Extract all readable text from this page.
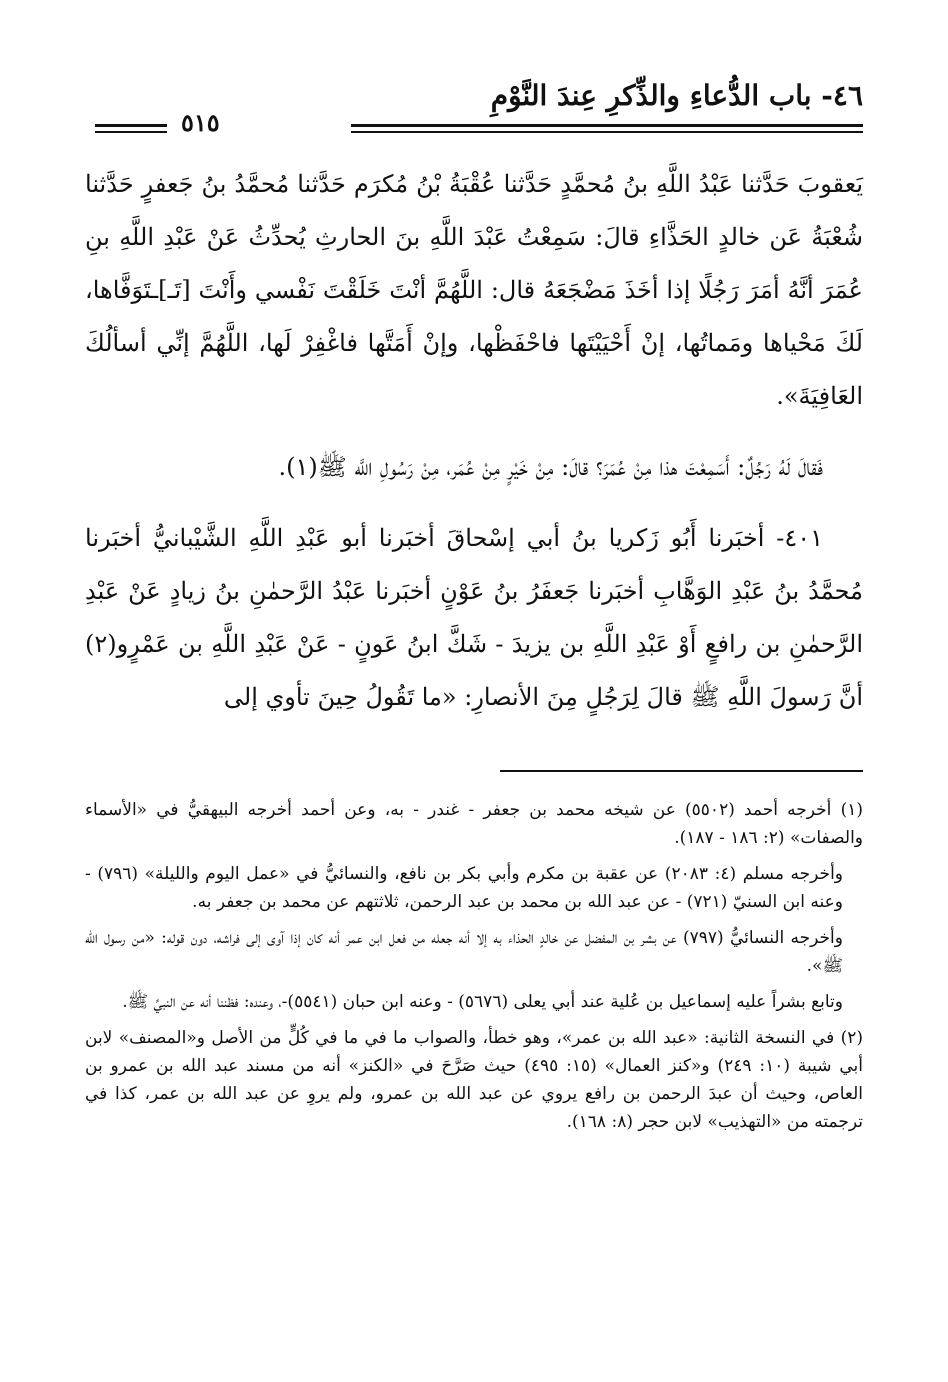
٤٦- باب الدُّعاءِ والذِّكرِ عِندَ النَّوْمِ
٥١٥

يَعقوبَ حَدَّثنا عَبْدُ اللَّهِ بنُ مُحمَّدٍ حَدَّثنا عُقْبَةُ بْنُ مُكرَم حَدَّثنا مُحمَّدُ بنُ جَعفرٍ حَدَّثنا شُعْبَةُ عَن خالدٍ الحَذَّاءِ قالَ: سَمِعْتُ عَبْدَ اللَّهِ بنَ الحارثِ يُحدِّثُ عَنْ عَبْدِ اللَّهِ بنِ عُمَرَ أنَّهُ أمَرَ رَجُلًا إذا أخَذَ مَضْجَعَهُ قال: اللَّهُمَّ أنْتَ خَلَقْتَ نَفْسي وأَنْتَ [تَـ]ـتَوَفَّاها، لَكَ مَحْياها ومَماتُها، إنْ أَحْيَيْتَها فاحْفَظْها، وإنْ أَمَتَّها فاغْفِرْ لَها، اللَّهُمَّ إنِّي أسألُكَ العَافِيَةَ».

فَقالَ لَهُ رَجُلٌ: أَسَمِعْتَ هذا مِنْ عُمَرَ؟ قالَ: مِنْ خَيْرٍ مِنْ عُمَر، مِنْ رَسُولِ اللَّه ﷺ(١).

٤٠١- أخبَرنا أَبُو زَكريا بنُ أبي إسْحاقَ أخبَرنا أبو عَبْدِ اللَّهِ الشَّيْبانيُّ أخبَرنا مُحمَّدُ بنُ عَبْدِ الوَهَّابِ أخبَرنا جَعفَرُ بنُ عَوْنٍ أخبَرنا عَبْدُ الرَّحمٰنِ بنُ زيادٍ عَنْ عَبْدِ الرَّحمٰنِ بن رافعٍ أَوْ عَبْدِ اللَّهِ بن يزيدَ - شَكَّ ابنُ عَونٍ - عَنْ عَبْدِ اللَّهِ بن عَمْرٍو(٢) أنَّ رَسولَ اللَّهِ ﷺ قالَ لِرَجُلٍ مِنَ الأنصارِ: «ما تَقُولُ حِينَ تأوي إلى

(١) أخرجه أحمد (٥٥٠٢) عن شيخه محمد بن جعفر - غندر - به، وعن أحمد أخرجه البيهقيُّ في «الأسماء والصفات» (٢: ١٨٦ - ١٨٧).

وأخرجه مسلم (٤: ٢٠٨٣) عن عقبة بن مكرم وأبي بكر بن نافع، والنسائيُّ في «عمل اليوم والليلة» (٧٩٦) - وعنه ابن السنيّ (٧٢١) - عن عبد الله بن محمد بن عبد الرحمن، ثلاثتهم عن محمد بن جعفر به.

وأخرجه النسائيُّ (٧٩٧) عن بشر بن المفضل عن خالدٍ الحذاء به إلا أنه جعله من فعل ابن عمر أنه كان إذا آوى إلى فراشه، دون قوله: «من رسول الله ﷺ».

وتابع بشراً عليه إسماعيل بن عُلية عند أبي يعلى (٥٦٧٦) - وعنه ابن حبان (٥٥٤١)-، وعنده: فظننا أنه عن النبيِّ ﷺ.

(٢) في النسخة الثانية: «عبد الله بن عمر»، وهو خطأ، والصواب ما في ما في كُلٍّ من الأصل و«المصنف» لابن أبي شيبة (١٠: ٢٤٩) و«كنز العمال» (١٥: ٤٩٥) حيث صَرَّحَ في «الكنز» أنه من مسند عبد الله بن عمرو بن العاص، وحيث أن عبدَ الرحمن بن رافع يروي عن عبد الله بن عمرو، ولم يروِ عن عبد الله بن عمر، كذا في ترجمته من «التهذيب» لابن حجر (٨: ١٦٨).
